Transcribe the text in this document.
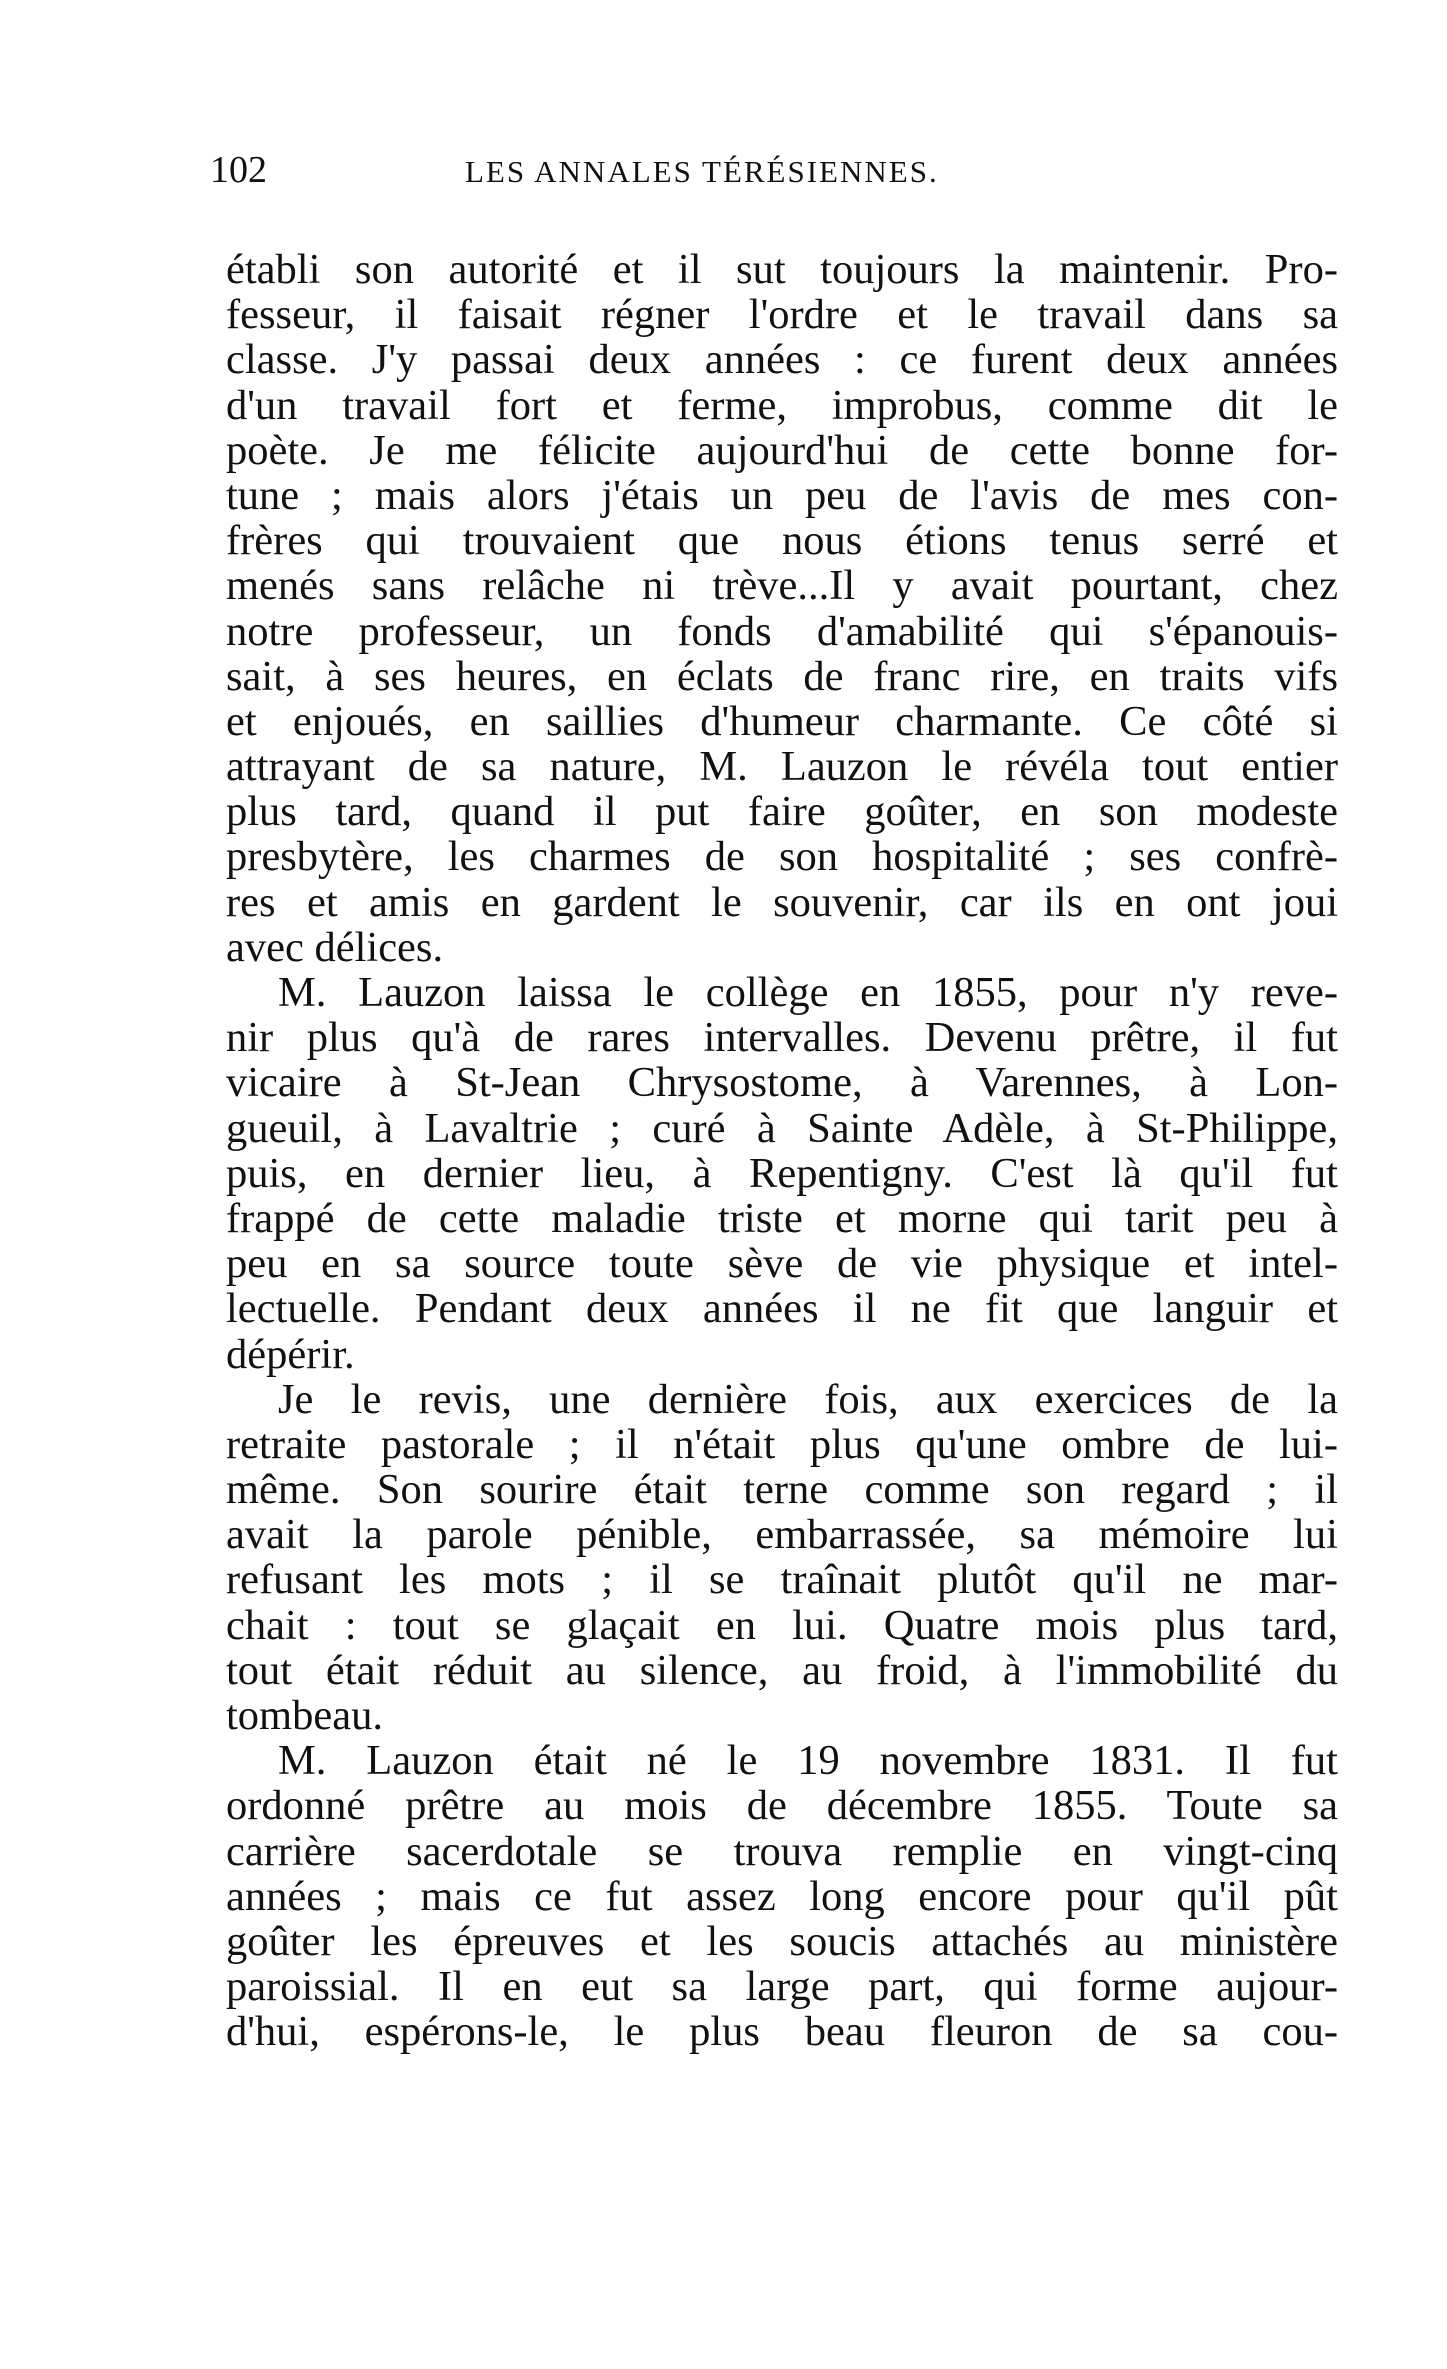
102	LES ANNALES TÉRÉSIENNES.
établi son autorité et il sut toujours la maintenir. Pro-
fesseur, il faisait régner l'ordre et le travail dans sa
classe. J'y passai deux années : ce furent deux années
d'un travail fort et ferme, improbus, comme dit le
poète. Je me félicite aujourd'hui de cette bonne for-
tune ; mais alors j'étais un peu de l'avis de mes con-
frères qui trouvaient que nous étions tenus serré et
menés sans relâche ni trève...Il y avait pourtant, chez
notre professeur, un fonds d'amabilité qui s'épanouis-
sait, à ses heures, en éclats de franc rire, en traits vifs
et enjoués, en saillies d'humeur charmante. Ce côté si
attrayant de sa nature, M. Lauzon le révéla tout entier
plus tard, quand il put faire goûter, en son modeste
presbytère, les charmes de son hospitalité ; ses confrè-
res et amis en gardent le souvenir, car ils en ont joui
avec délices.
M. Lauzon laissa le collège en 1855, pour n'y reve-
nir plus qu'à de rares intervalles. Devenu prêtre, il fut
vicaire à St-Jean Chrysostome, à Varennes, à Lon-
gueuil, à Lavaltrie ; curé à Sainte Adèle, à St-Philippe,
puis, en dernier lieu, à Repentigny. C'est là qu'il fut
frappé de cette maladie triste et morne qui tarit peu à
peu en sa source toute sève de vie physique et intel-
lectuelle. Pendant deux années il ne fit que languir et
dépérir.
Je le revis, une dernière fois, aux exercices de la
retraite pastorale ; il n'était plus qu'une ombre de lui-
même. Son sourire était terne comme son regard ; il
avait la parole pénible, embarrassée, sa mémoire lui
refusant les mots ; il se traînait plutôt qu'il ne mar-
chait : tout se glaçait en lui. Quatre mois plus tard,
tout était réduit au silence, au froid, à l'immobilité du
tombeau.
M. Lauzon était né le 19 novembre 1831. Il fut
ordonné prêtre au mois de décembre 1855. Toute sa
carrière sacerdotale se trouva remplie en vingt-cinq
années ; mais ce fut assez long encore pour qu'il pût
goûter les épreuves et les soucis attachés au ministère
paroissial. Il en eut sa large part, qui forme aujour-
d'hui, espérons-le, le plus beau fleuron de sa cou-
